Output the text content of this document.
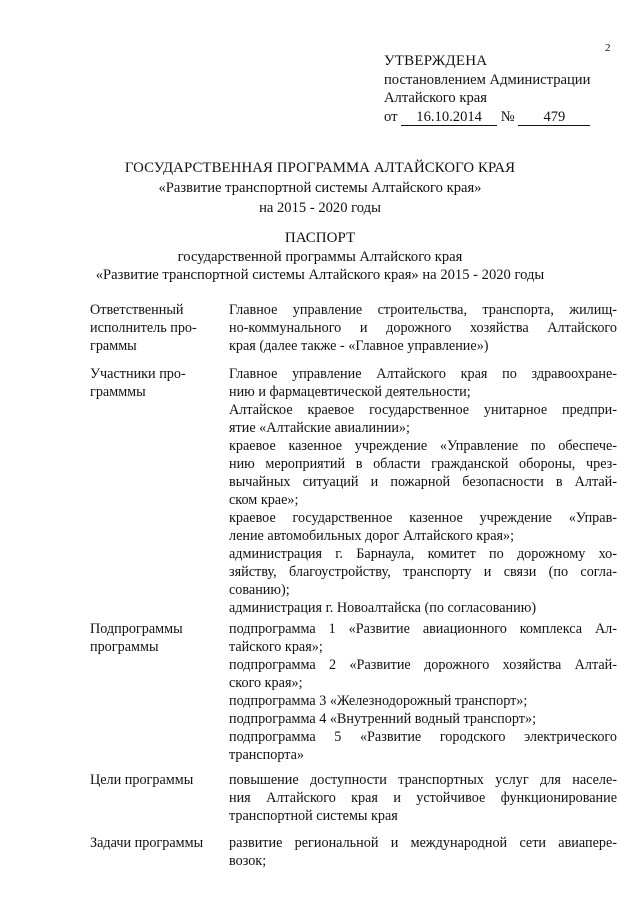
2
УТВЕРЖДЕНА
постановлением Администрации
Алтайского края
от 16.10.2014 № 479
ГОСУДАРСТВЕННАЯ ПРОГРАММА АЛТАЙСКОГО КРАЯ
«Развитие транспортной системы Алтайского края»
на 2015 - 2020 годы
ПАСПОРТ
государственной программы Алтайского края
«Развитие транспортной системы Алтайского края» на 2015 - 2020 годы
Ответственный
исполнитель про-
граммы
Главное управление строительства, транспорта, жилищ-
но-коммунального и дорожного хозяйства Алтайского
края (далее также - «Главное управление»)
Участники про-
грамммы
Главное управление Алтайского края по здравоохране-
нию и фармацевтической деятельности;
Алтайское краевое государственное унитарное предпри-
ятие «Алтайские авиалинии»;
краевое казенное учреждение «Управление по обеспече-
нию мероприятий в области гражданской обороны, чрез-
вычайных ситуаций и пожарной безопасности в Алтай-
ском крае»;
краевое государственное казенное учреждение «Управ-
ление автомобильных дорог Алтайского края»;
администрация г. Барнаула, комитет по дорожному хо-
зяйству, благоустройству, транспорту и связи (по согла-
сованию);
администрация г. Новоалтайска (по согласованию)
Подпрограммы
программы
подпрограмма 1 «Развитие авиационного комплекса Ал-
тайского края»;
подпрограмма 2 «Развитие дорожного хозяйства Алтай-
ского края»;
подпрограмма 3 «Железнодорожный транспорт»;
подпрограмма 4 «Внутренний водный транспорт»;
подпрограмма 5 «Развитие городского электрического
транспорта»
Цели программы	повышение доступности транспортных услуг для населе-
ния Алтайского края и устойчивое функционирование
транспортной системы края
Задачи программы	развитие региональной и международной сети авиапере-
возок;
